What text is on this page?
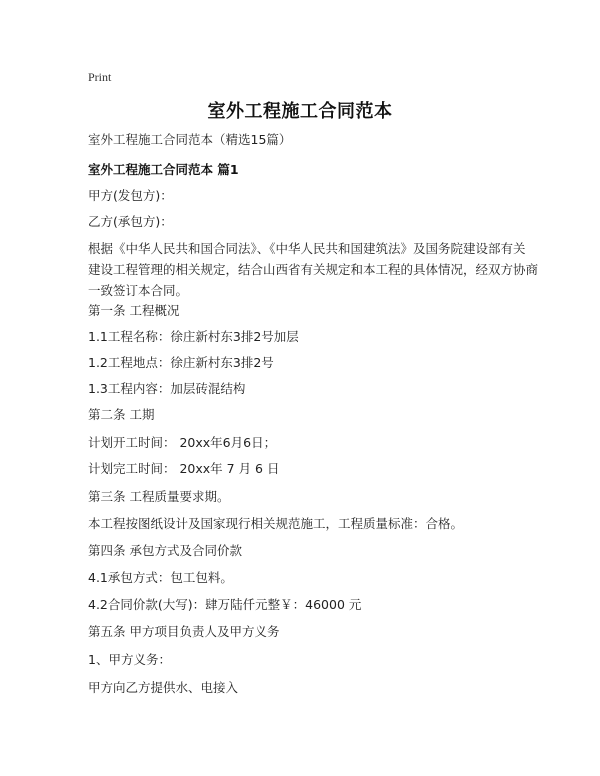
Print
室外工程施工合同范本
室外工程施工合同范本（精选15篇）
室外工程施工合同范本 篇1
甲方(发包方)：
乙方(承包方)：
根据《中华人民共和国合同法》、《中华人民共和国建筑法》及国务院建设部有关
建设工程管理的相关规定，结合山西省有关规定和本工程的具体情况，经双方协商
一致签订本合同。
第一条 工程概况
1.1工程名称：徐庄新村东3排2号加层
1.2工程地点：徐庄新村东3排2号
1.3工程内容：加层砖混结构
第二条 工期
计划开工时间： 20xx年6月6日；
计划完工时间： 20xx年 7 月 6 日
第三条 工程质量要求期。
本工程按图纸设计及国家现行相关规范施工，工程质量标准：合格。
第四条 承包方式及合同价款
4.1承包方式：包工包料。
4.2合同价款(大写)：肆万陆仟元整￥：46000 元
第五条 甲方项目负责人及甲方义务
1、甲方义务：
甲方向乙方提供水、电接入
